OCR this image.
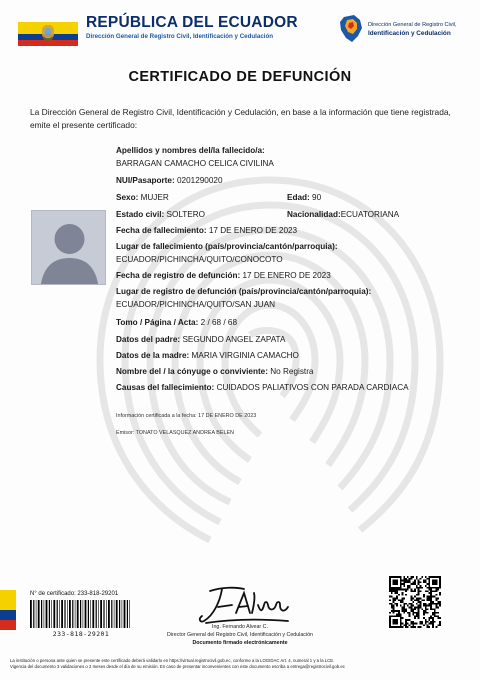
REPÚBLICA DEL ECUADOR
Dirección General de Registro Civil, Identificación y Cedulación
Dirección General de Registro Civil,
Identificación y Cedulación
CERTIFICADO DE DEFUNCIÓN
La Dirección General de Registro Civil, Identificación y Cedulación, en base a la información que tiene registrada, emite el presente certificado:
Apellidos y nombres del/la fallecido/a:
BARRAGAN CAMACHO CELICA CIVILINA
NUI/Pasaporte: 0201290020
Sexo: MUJER	Edad: 90
Estado civil: SOLTERO	Nacionalidad:ECUATORIANA
Fecha de fallecimiento: 17 DE ENERO DE 2023
Lugar de fallecimiento (país/provincia/cantón/parroquia):
ECUADOR/PICHINCHA/QUITO/CONOCOTO
Fecha de registro de defunción: 17 DE ENERO DE 2023
Lugar de registro de defunción (país/provincia/cantón/parroquia):
ECUADOR/PICHINCHA/QUITO/SAN JUAN
Tomo / Página / Acta: 2 / 68 / 68
Datos del padre: SEGUNDO ANGEL ZAPATA
Datos de la madre: MARIA VIRGINIA CAMACHO
Nombre del / la cónyuge o conviviente: No Registra
Causas del fallecimiento: CUIDADOS PALIATIVOS CON PARADA CARDIACA
Información certificada a la fecha: 17 DE ENERO DE 2023
Emisor: TONATO VELASQUEZ ANDREA BELEN
N° de certificado: 233-818-29201
233-818-29201
Ing. Fernando Alvear C.
Director General del Registro Civil, Identificación y Cedulación
Documento firmado electrónicamente
La institución o persona ante quien se presente este certificado deberá validarlo en https://virtual.registrocivil.gob.ec, conforme a la LOGIDAC Art. 4, numeral 1 y a la LCE.
Vigencia del documento 3 validaciones o 2 meses desde el día de su emisión. En caso de presentar inconvenientes con este documento escriba a entrega@registrocivil.gob.ec
